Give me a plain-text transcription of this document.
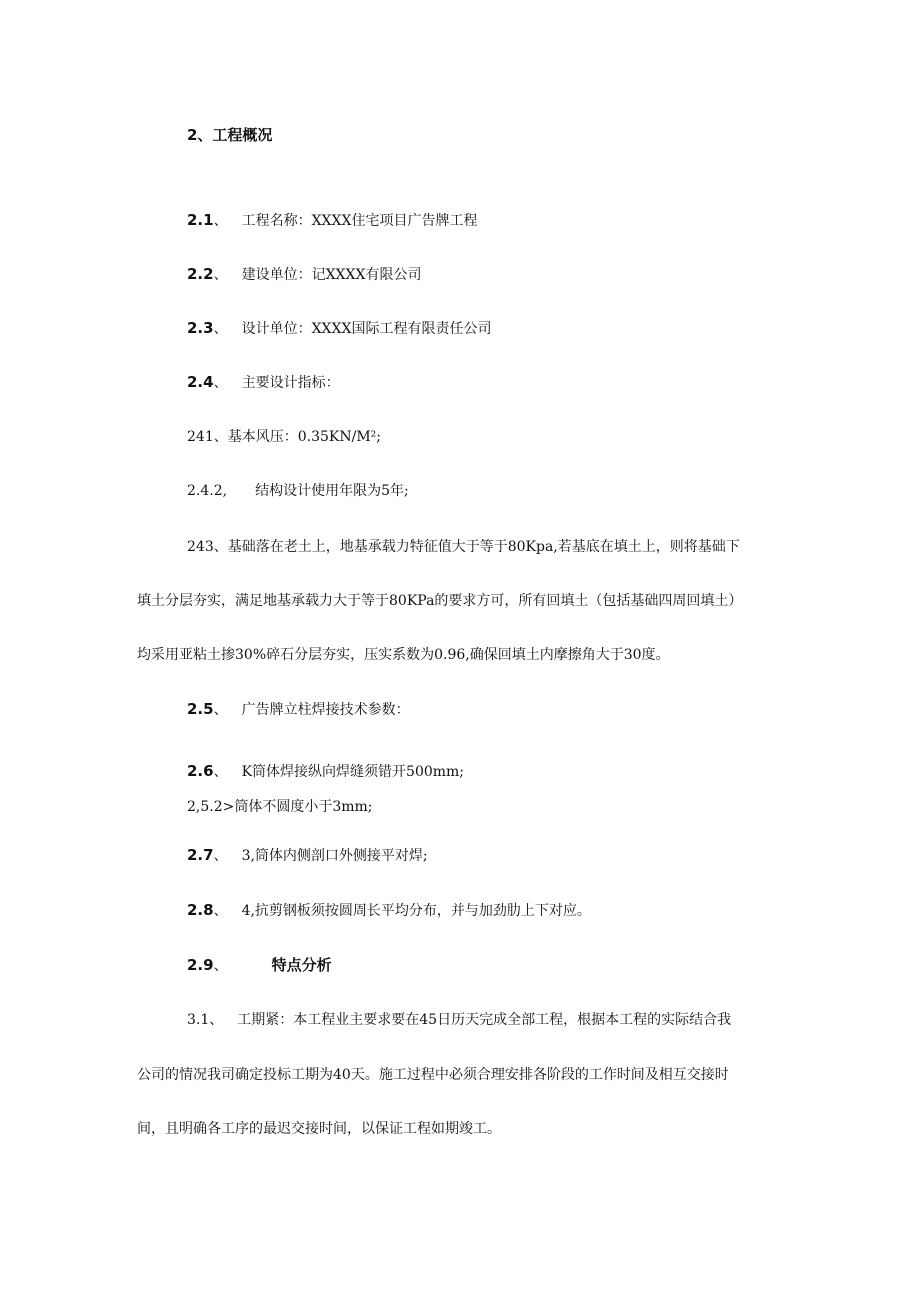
2、工程概况
2.1、 工程名称：XXXX住宅项目广告牌工程
2.2、 建设单位：记XXXX有限公司
2.3、 设计单位：XXXX国际工程有限责任公司
2.4、 主要设计指标：
241、基本风压：0.35KN/M²;
2.4.2, 结构设计使用年限为5年;
243、基础落在老土上，地基承载力特征值大于等于80Kpa,若基底在填土上，则将基础下
填土分层夯实，满足地基承载力大于等于80KPa的要求方可，所有回填土（包括基础四周回填土）
均采用亚粘土掺30%碎石分层夯实，压实系数为0.96,确保回填土内摩擦角大于30度。
2.5、 广告牌立柱焊接技术参数：
2.6、 K筒体焊接纵向焊缝须错开500mm;
2,5.2>筒体不圆度小于3mm;
2.7、 3,筒体内侧剖口外侧接平对焊;
2.8、 4,抗剪钢板须按圆周长平均分布，并与加劲肋上下对应。
2.9、	特点分析
3.1、 工期紧：本工程业主要求要在45日历天完成全部工程，根据本工程的实际结合我
公司的情况我司确定投标工期为40天。施工过程中必须合理安排各阶段的工作时间及相互交接时
间，且明确各工序的最迟交接时间，以保证工程如期竣工。
